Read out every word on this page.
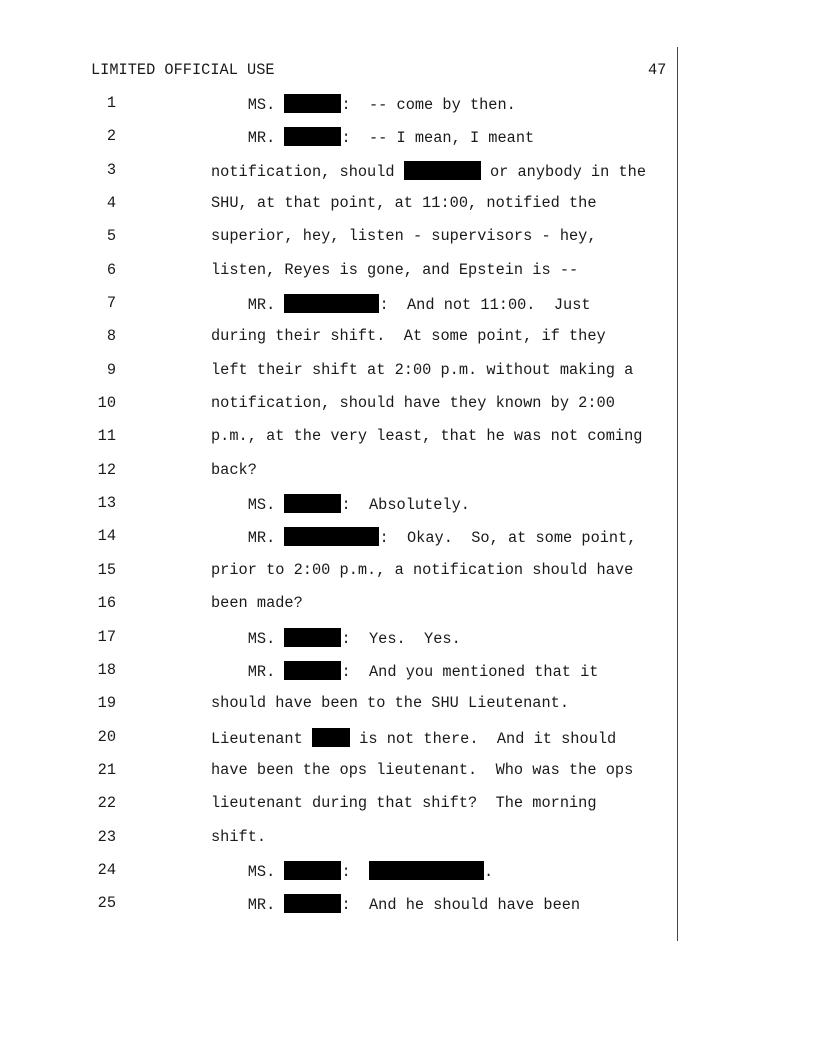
LIMITED OFFICIAL USE	47
1	MS.	:  -- come by then.
2	MR.	:  -- I mean, I meant
3	notification, should	or anybody in the
4	SHU, at that point, at 11:00, notified the
5	superior, hey, listen - supervisors - hey,
6	listen, Reyes is gone, and Epstein is --
7	MR.	:  And not 11:00.  Just
8	during their shift.  At some point, if they
9	left their shift at 2:00 p.m. without making a
10	notification, should have they known by 2:00
11	p.m., at the very least, that he was not coming
12	back?
13	MS.	:  Absolutely.
14	MR.	:  Okay.  So, at some point,
15	prior to 2:00 p.m., a notification should have
16	been made?
17	MS.	:  Yes.  Yes.
18	MR.	:  And you mentioned that it
19	should have been to the SHU Lieutenant.
20	Lieutenant  is not there.  And it should
21	have been the ops lieutenant.  Who was the ops
22	lieutenant during that shift?  The morning
23	shift.
24	MS.	:	.
25	MR.	:  And he should have been
